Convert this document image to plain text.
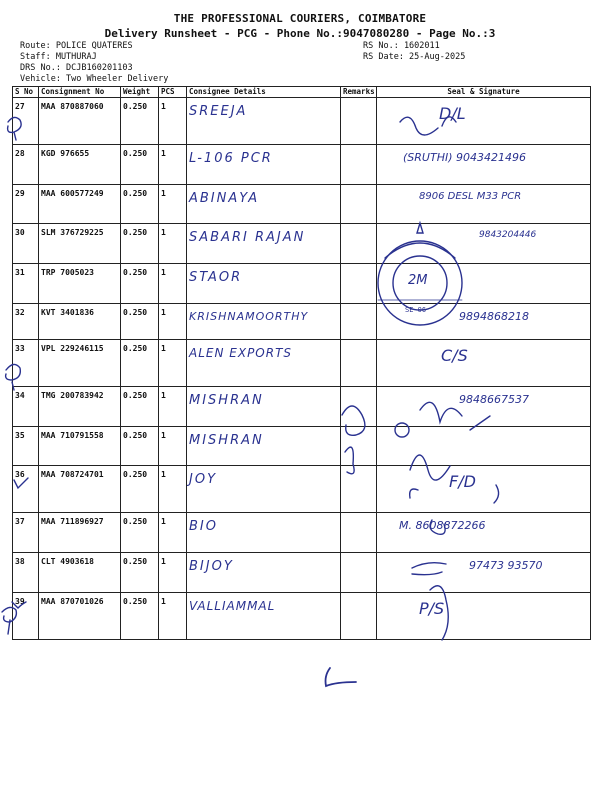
THE PROFESSIONAL COURIERS, COIMBATORE
Delivery Runsheet - PCG - Phone No.:9047080280 - Page No.:3
Route: POLICE QUATERES
Staff: MUTHURAJ
DRS No.: DCJB160201103
Vehicle: Two Wheeler Delivery
RS No.: 1602011
RS Date: 25-Aug-2025
S No	Consignment No	Weight	PCS	Consignee Details	Remarks	Seal & Signature
27	MAA 870887060	0.250	1	SREEJA		D/L

28	KGD 976655	0.250	1	L-106 PCR		(SRUTHI) 9043421496

29	MAA 600577249	0.250	1	ABINAYA		8906 DESL M33 PCR

30	SLM 376729225	0.250	1	SABARI RAJAN		9843204446

31	TRP 7005023	0.250	1	STAOR		

32	KVT 3401836	0.250	1	KRISHNAMOORTHY		9894868218

33	VPL 229246115	0.250	1	ALEN EXPORTS		C/S

34	TMG 200783942	0.250	1	MISHRAN		9848667537

35	MAA 710791558	0.250	1	MISHRAN		

36	MAA 708724701	0.250	1	JOY		F/D

37	MAA 711896927	0.250	1	BIO		M. 8608872266

38	CLT 4903618	0.250	1	BIJOY		97473 93570

39	MAA 870701026	0.250	1	VALLIAMMAL		P/S
2M
SE 06
